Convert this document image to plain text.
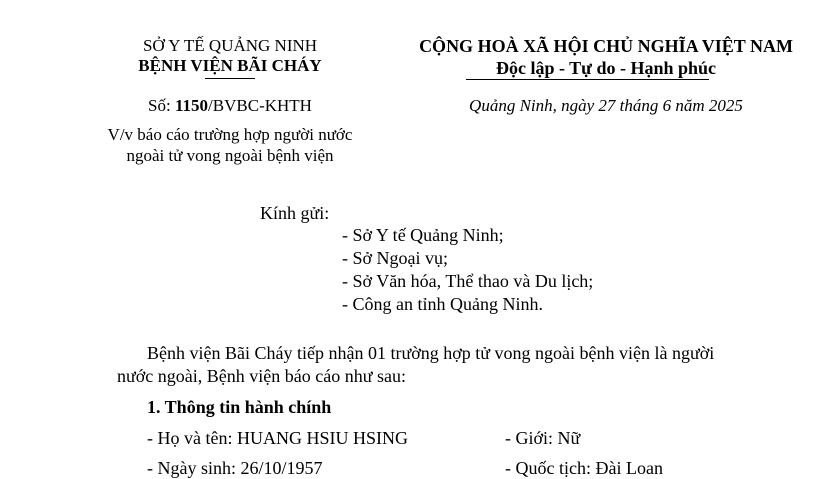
SỞ Y TẾ QUẢNG NINH
BỆNH VIỆN BÃI CHÁY
Số: 1150/BVBC-KHTH
V/v báo cáo trường hợp người nước
ngoài tử vong ngoài bệnh viện
CỘNG HOÀ XÃ HỘI CHỦ NGHĨA VIỆT NAM
Độc lập - Tự do - Hạnh phúc
Quảng Ninh, ngày 27 tháng 6 năm 2025
Kính gửi:
- Sở Y tế Quảng Ninh;
- Sở Ngoại vụ;
- Sở Văn hóa, Thể thao và Du lịch;
- Công an tỉnh Quảng Ninh.
Bệnh viện Bãi Cháy tiếp nhận 01 trường hợp tử vong ngoài bệnh viện là người
nước ngoài, Bệnh viện báo cáo như sau:
1. Thông tin hành chính
- Họ và tên: HUANG HSIU HSING	- Giới: Nữ
- Ngày sinh: 26/10/1957	- Quốc tịch: Đài Loan
